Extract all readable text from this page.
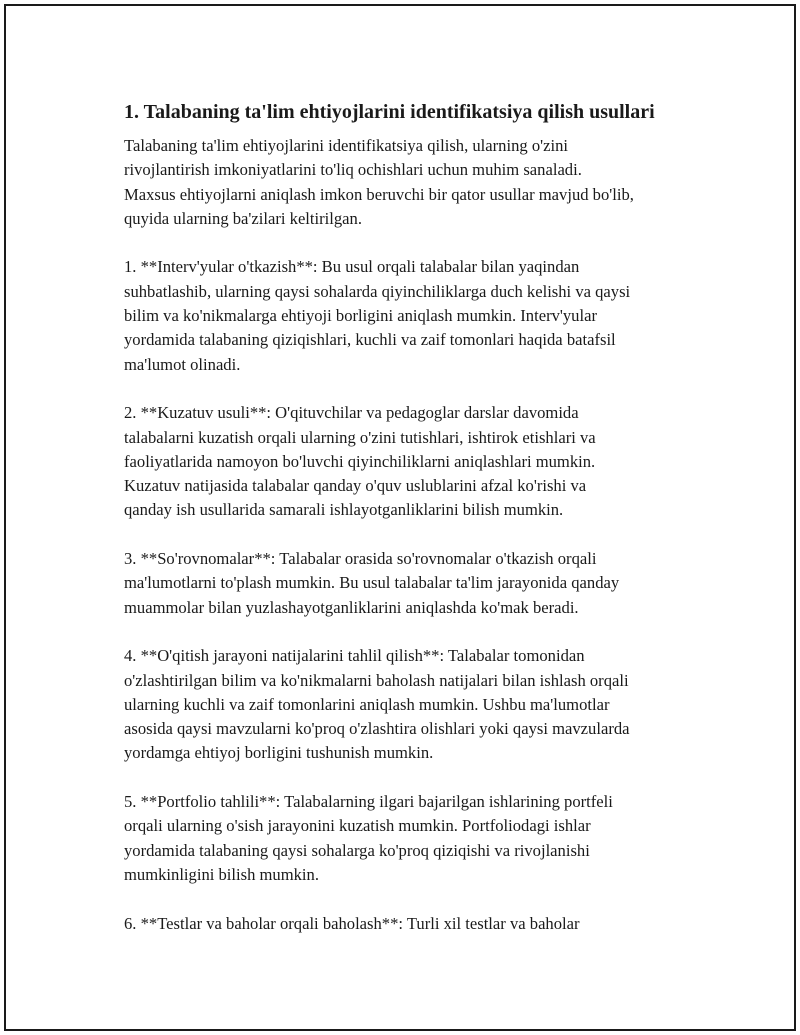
1. Talabaning ta'lim ehtiyojlarini identifikatsiya qilish usullari
Talabaning ta'lim ehtiyojlarini identifikatsiya qilish, ularning o'zini
rivojlantirish imkoniyatlarini to'liq ochishlari uchun muhim sanaladi.
Maxsus ehtiyojlarni aniqlash imkon beruvchi bir qator usullar mavjud bo'lib,
quyida ularning ba'zilari keltirilgan.
1. **Interv'yular o'tkazish**: Bu usul orqali talabalar bilan yaqindan
suhbatlashib, ularning qaysi sohalarda qiyinchiliklarga duch kelishi va qaysi
bilim va ko'nikmalarga ehtiyoji borligini aniqlash mumkin. Interv'yular
yordamida talabaning qiziqishlari, kuchli va zaif tomonlari haqida batafsil
ma'lumot olinadi.
2. **Kuzatuv usuli**: O'qituvchilar va pedagoglar darslar davomida
talabalarni kuzatish orqali ularning o'zini tutishlari, ishtirok etishlari va
faoliyatlarida namoyon bo'luvchi qiyinchiliklarni aniqlashlari mumkin.
Kuzatuv natijasida talabalar qanday o'quv uslublarini afzal ko'rishi va
qanday ish usullarida samarali ishlayotganliklarini bilish mumkin.
3. **So'rovnomalar**: Talabalar orasida so'rovnomalar o'tkazish orqali
ma'lumotlarni to'plash mumkin. Bu usul talabalar ta'lim jarayonida qanday
muammolar bilan yuzlashayotganliklarini aniqlashda ko'mak beradi.
4. **O'qitish jarayoni natijalarini tahlil qilish**: Talabalar tomonidan
o'zlashtirilgan bilim va ko'nikmalarni baholash natijalari bilan ishlash orqali
ularning kuchli va zaif tomonlarini aniqlash mumkin. Ushbu ma'lumotlar
asosida qaysi mavzularni ko'proq o'zlashtira olishlari yoki qaysi mavzularda
yordamga ehtiyoj borligini tushunish mumkin.
5. **Portfolio tahlili**: Talabalarning ilgari bajarilgan ishlarining portfeli
orqali ularning o'sish jarayonini kuzatish mumkin. Portfoliodagi ishlar
yordamida talabaning qaysi sohalarga ko'proq qiziqishi va rivojlanishi
mumkinligini bilish mumkin.
6. **Testlar va baholar orqali baholash**: Turli xil testlar va baholar
